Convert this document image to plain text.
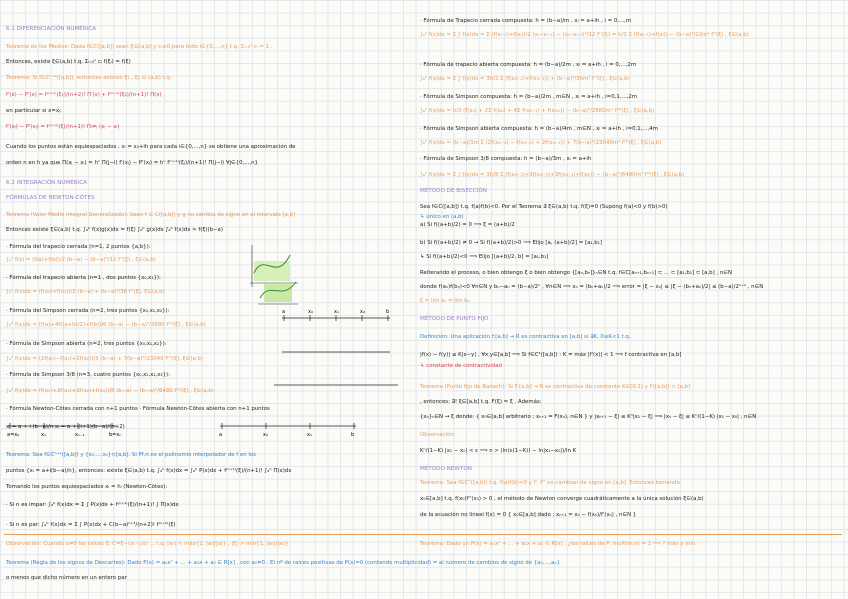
6.1 DIFERENCIACIÓN NUMÉRICA
Teorema de los Medios: Dada f∈C([a,b]) sean ξᵢ∈(a,b) y cᵢ≥0 para todo i∈{0,...,n} t.q. Σᵢ₌₀ⁿ cᵢ = 1 .
Entonces, existe ξ∈(a,b) t.q. Σᵢ₌₀ⁿ cᵢ f(ξᵢ) = f(ξ)
Teorema: Si f∈Cⁿ⁺²([a,b]), entonces existen ξ₁ , ξ₂ ∈ (a,b) t.q.
f'(x) − P'(x) = f⁽ⁿ⁺²⁾(ξ₁)/(n+2)! Π′(x) + f⁽ⁿ⁺¹⁾(ξ₂)/(n+1)! Π(x)
en particular si x=xⱼ:
f'(xⱼ) − P'(xⱼ) = f⁽ⁿ⁺¹⁾(ξ)/(n+1)! Πᵢ≠ⱼ (xⱼ − xᵢ)
Cuando los puntos están equiespaciados , xᵢ = x₀+ih para cada i∈{0,...,n} se obtiene una aproximación de
orden n en h ya que Π(xⱼ − xᵢ) = hⁿ Π(j−i) f'(xⱼ) − P'(xⱼ) = hⁿ f⁽ⁿ⁺¹⁾(ξⱼ)/(n+1)! Π(j−i) ∀j∈{0,...,n}
6.2 INTEGRACIÓN NUMÉRICA
FÓRMULAS DE NEWTON-CÔTES
Teorema (Valor Medio Integral Generalizado): Sean f ∈ C([a,b]) y g no cambia de signo en el intervalo [a,b]
Entonces existe ξ∈(a,b) t.q. ∫ₐᵇ f(x)g(x)dx = f(ξ) ∫ₐᵇ g(x)dx ∫ₐᵇ f(x)dx ≈ f(ξ)(b−a)
· Fórmula del trapecio cerrada (n=1, 2 puntos {a,b}):
∫ₐᵇ f(x) = (f(a)+f(b))/2 (b−a) − (b−a)³/12 f''(ξ) , ξ∈(a,b)
· Fórmula del trapecio abierta (n=1 , dos puntos {x₀,x₁}):
∫ₐᵇ f(x)dx = (f(x₀)+f(x₁))/2 (b−a) + (b−a)³/36 f''(ξ), ξ∈(a,b)
· Fórmula del Simpson cerrada (n=2, tres puntos {x₀,x₁,x₂}):
∫ₐᵇ f(x)dx = (f(a)+4f((a+b)/2)+f(b))/6 (b−a) − (b−a)⁵/2880 f⁽⁴⁾(ξ) , ξ∈(a,b)
· Fórmula de Simpson abierta (n=2, tres puntos {x₀,x₁,x₂}):
∫ₐᵇ f(x)dx = (2f(x₀)−f(x₁)+2f(x₂))/3 (b−a) + 7(b−a)⁵/23040 f⁽⁴⁾(ξ), ξ∈(a,b)
· Fórmula de Simpson 3/8 (n=3, cuatro puntos {x₀,x₁,x₂,x₃}):
∫ₐᵇ f(x)dx = (f(x₀)+3f(x₁)+3f(x₂)+f(x₃))/8 (b−a) − (b−a)⁵/6480 f⁽⁴⁾(ξ) , ξ∈(a,b)
· Fórmula Newton-Côtes cerrada con n+1 puntos · Fórmula Newton-Côtes abierta con n+1 puntos
xᵢ = a + i (b−a)/n xᵢ = a + (i+1)(b−a)/(n+2)
Teorema: Sea f∈Cⁿ⁺¹([a,b]) y {x₀,...,xₙ}⊂[a,b]. Si Pf,n es el polinomio interpolador de f en los
puntos {xᵢ = a+i(b−a)/n}, entonces: existe ξ∈(a,b) t.q. ∫ₐᵇ f(x)dx = ∫ₐᵇ P(x)dx + f⁽ⁿ⁺¹⁾(ξ)/(n+1)! ∫ₐᵇ Π(x)dx
Tomando los puntos equiespaciados xᵢ = hᵢ (Newton-Côtes):
· Si n es impar: ∫ₐᵇ f(x)dx = Σ ∫ P(x)dx + f⁽ⁿ⁺¹⁾(ξ)/(n+1)! ∫ Π(x)dx
· Si n es par: ∫ₐᵇ f(x)dx = Σ ∫ P(x)dx + C(b−a)ⁿ⁺³/(n+2)! f⁽ⁿ⁺²⁾(ξ)
· Fórmula de Trapecio cerrada compuesta: h = (b−a)/m , xᵢ = a+ih , i = 0,...,m
∫ₐᵇ f(x)dx = Σ ∫ f(x)dx = Σ (f(xᵢ₋₁)+f(xᵢ))/2 (xᵢ−xᵢ₋₁) − (xᵢ−xᵢ₋₁)³/12 f''(ξᵢ) = h/2 Σ (f(xᵢ₋₁)+f(xᵢ)) − (b−a)³/12m² f''(ξ) , ξ∈(a,b)
· Fórmula de trapecio abierta compuesta: h = (b−a)/2m , xᵢ = a+ih , i = 0,...,2m
∫ₐᵇ f(x)dx = Σ ∫ f(x)dx = 3h/2 Σ (f(x₃ᵢ₋₂)+f(x₃ᵢ₋₁)) + (b−a)³/36m² f''(ξ) , ξ∈(a,b)
· Fórmula de Simpson compuesta: h = (b−a)/2m , m∈N , xᵢ = a+ih , i=0,1,...,2m
∫ₐᵇ f(x)dx = h/3 (f(x₀) + 2Σ f(x₂ᵢ) + 4Σ f(x₂ᵢ₋₁) + f(x₂ₘ)) − (b−a)⁵/2880m⁴ f⁽⁴⁾(ξ) , ξ∈(a,b)
· Fórmula de Simpson abierta compuesta: h = (b−a)/4m , m∈N , xᵢ = a+ih , i=0,1,...,4m
∫ₐᵇ f(x)dx = (b−a)/3m Σ (2f(x₄ᵢ₋₃) − f(x₄ᵢ₋₂) + 2f(x₄ᵢ₋₁)) + 7(b−a)⁵/23040m⁴ f⁽⁴⁾(ξ) , ξ∈(a,b)
· Fórmula de Simpson 3/8 compuesta: h = (b−a)/3m , xᵢ = a+ih
∫ₐᵇ f(x)dx = Σ ∫ f(x)dx = 3h/8 Σ (f(x₃ᵢ₋₃)+3f(x₃ᵢ₋₂)+3f(x₃ᵢ₋₁)+f(x₃ᵢ)) − (b−a)⁵/6480m⁴ f⁽⁴⁾(ξ) , ξ∈(a,b)
MÉTODO DE BISECCIÓN
Sea f∈C([a,b]) t.q. f(a)f(b)<0. Por el Teorema ∃ ξ∈(a,b) t.q. f(ξ)=0 (Supóng f(a)<0 y f(b)>0)
↳ único en (a,b)
a) Si f((a+b)/2) = 0 ⟹ ξ = (a+b)/2
b) Si f((a+b)/2) ≠ 0 → Si f((a+b)/2)>0 ⟹ Elijo [a, (a+b)/2] = [a₁,b₁]
↳ Si f((a+b)/2)<0 ⟹ Elijo [(a+b)/2, b] = [a₁,b₁]
Reiterando el proceso, o bien obtengo ξ o bien obtengo {[aₙ,bₙ]}ₙ∈N t.q. f∈C[aₙ₊₁,bₙ₊₁] ⊂ ... ⊂ [a₁,b₁] ⊂ [a,b] , n∈N
donde f(aₙ)f(bₙ)<0 ∀n∈N y bₙ−aₙ = (b−a)/2ⁿ , ∀n∈N ⟹ xₙ = (bₙ+aₙ)/2 ⟹ error = |ξ − xₙ| ≤ |ξ − (bₙ+aₙ)/2| ≤ (b−a)/2ⁿ⁺¹ , n∈N
ξ = lim aₙ = lim bₙ
MÉTODO DE PUNTO FIJO
Definición: Una aplicación f:[a,b] → R es contractiva en [a,b] si ∃K, 0≤K<1 t.q.
|f(x) − f(y)| ≤ K|x−y| , ∀x,y∈[a,b] ⟹ Si f∈C¹([a,b]) : K = máx |f'(x)| < 1 ⟹ f contractiva en [a,b]
↳ constante de contractividad
Teorema (Punto fijo de Banach): Si F:[a,b] → R es contractiva de constante K∈[0,1) y F([a,b]) ⊂ [a,b]
, entonces: ∃! ξ∈[a,b] t.q. F(ξ) = ξ . Además:
{xₙ}ₙ∈N → ξ donde: { x₀∈[a,b] arbitrario ; xₙ₊₁ = F(xₙ), n∈N } y |xₙ₊₁ − ξ| ≤ Kⁿ|x₁ − ξ| ⟹ |xₙ − ξ| ≤ Kⁿ/(1−K) |x₁ − x₀| , n∈N
Observación:
Kⁿ/(1−K) |x₁ − x₀| < ε ⟹ n > (ln(ε(1−K)) − ln|x₁−x₀|)/ln K
MÉTODO NEWTON
Teorema: Sea f∈C²([a,b]) t.q. f(a)f(b)<0 y f', f'' no cambian de signo en [a,b]. Entonces tomando
x₀∈[a,b] t.q. f(x₀)f''(x₀) > 0 , el método de Newton converge cuadráticamente a la única solución ξ∈(a,b)
de la ecuación no lineal f(x) = 0 { x₀∈[a,b] dado ; xₙ₊₁ = xₙ − f(xₙ)/f'(xₙ) , n∈N }
Observación: Cuando a≠0 las raíces ξ: C=ξ−(xₖ₋₁/a) ... t.q. |xₖ| < máx{1, |aᵢ|/|a|} , |ξ| > mín{1, |a₀|/|aᵢ|}	Teorema: Dado un P(x) = aₙxⁿ + ... + a₁x + a₀ ∈ R[x] , ¿las raíces de P, mult(m,n) = 1 ⟹ ? máx y mín
Teorema (Regla de los signos de Descartes): Dado P(x) = aₙxⁿ + ... + a₁x + a₀ ∈ R[x] , con a₀≠0 . El nº de raíces positivas de P(x)=0 (contando multiplicidad) = al número de cambios de signo de {a₀,...,aₙ}
o menos que dicho número en un entero par
a	x₀	x₁	x₂	b
a=x₀	x₁	xₙ₋₁	b=xₙ	a	x₀	x₁	b
